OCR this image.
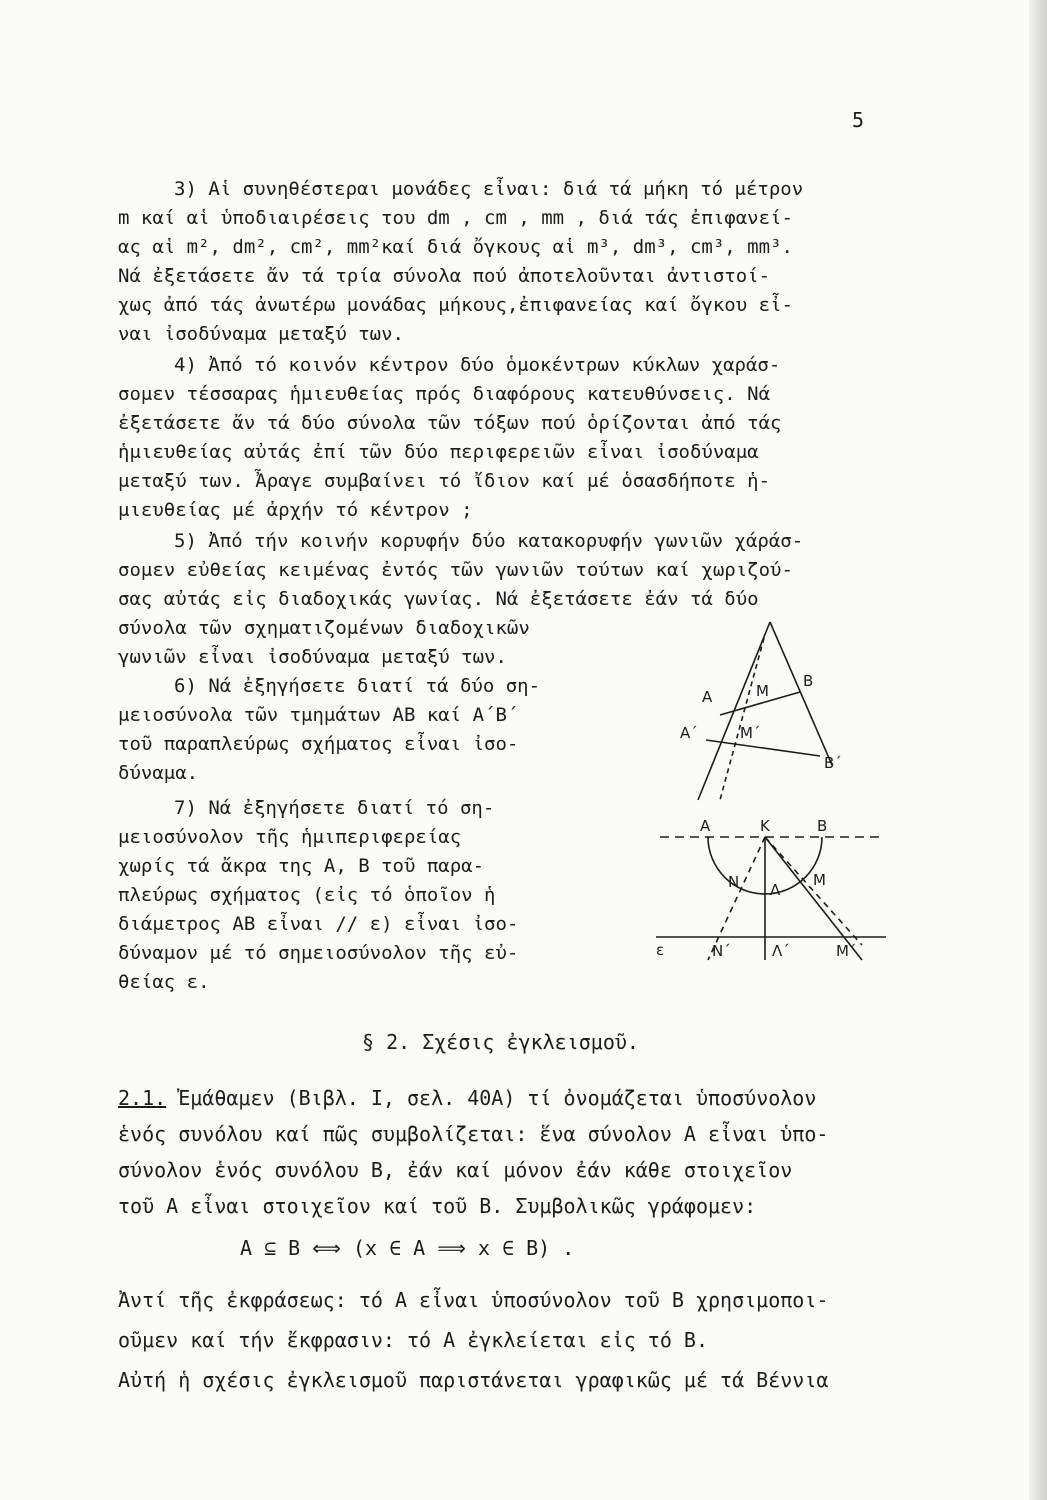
5
3) Αἱ συνηθέστεραι μονάδες εἶναι: διά τά μήκη τό μέτρον
m καί αἱ ὑποδιαιρέσεις του dm , cm , mm , διά τάς ἐπιφανεί-
ας αἱ m², dm², cm², mm²καί διά ὄγκους αἱ m³, dm³, cm³, mm³.
Νά ἐξετάσετε ἄν τά τρία σύνολα πού ἀποτελοῦνται ἀντιστοί-
χως ἀπό τάς ἀνωτέρω μονάδας μήκους,ἐπιφανείας καί ὄγκου εἶ-
ναι ἰσοδύναμα μεταξύ των.
4) Ἀπό τό κοινόν κέντρον δύο ὁμοκέντρων κύκλων χαράσ-
σομεν τέσσαρας ἡμιευθείας πρός διαφόρους κατευθύνσεις. Νά
ἐξετάσετε ἄν τά δύο σύνολα τῶν τόξων πού ὁρίζονται ἀπό τάς
ἡμιευθείας αὐτάς ἐπί τῶν δύο περιφερειῶν εἶναι ἰσοδύναμα
μεταξύ των. Ἆραγε συμβαίνει τό ἴδιον καί μέ ὁσασδήποτε ἡ-
μιευθείας μέ ἀρχήν τό κέντρον ;
5) Ἀπό τήν κοινήν κορυφήν δύο κατακορυφήν γωνιῶν χάράσ-
σομεν εὐθείας κειμένας ἐντός τῶν γωνιῶν τούτων καί χωριζού-
σας αὐτάς εἰς διαδοχικάς γωνίας. Νά ἐξετάσετε ἐάν τά δύο
σύνολα τῶν σχηματιζομένων διαδοχικῶν
γωνιῶν εἶναι ἰσοδύναμα μεταξύ των.
6) Νά ἐξηγήσετε διατί τά δύο ση-
μειοσύνολα τῶν τμημάτων ΑΒ καί Α΄Β΄
τοῦ παραπλεύρως σχήματος εἶναι ἰσο-
δύναμα.
7) Νά ἐξηγήσετε διατί τό ση-
μειοσύνολον τῆς ἡμιπεριφερείας
χωρίς τά ἄκρα της Α, Β τοῦ παρα-
πλεύρως σχήματος (εἰς τό ὁποῖον ἡ
διάμετρος ΑΒ εἶναι // ε) εἶναι ἰσο-
δύναμον μέ τό σημειοσύνολον τῆς εὐ-
θείας ε.
Α	Μ
Β
Α΄	Μ΄
Β΄
Α	Κ	Β
Ν Λ
Μ
ε	Ν΄	Λ΄	Μ΄
§ 2. Σχέσις ἐγκλεισμοῦ.
2.1. Ἐμάθαμεν (Βιβλ. Ι, σελ. 40Α) τί ὀνομάζεται ὑποσύνολον
ἑνός συνόλου καί πῶς συμβολίζεται: ἕνα σύνολον Α εἶναι ὑπο-
σύνολον ἑνός συνόλου Β, ἐάν καί μόνον ἐάν κάθε στοιχεῖον
τοῦ Α εἶναι στοιχεῖον καί τοῦ Β. Συμβολικῶς γράφομεν:
Α ⊆ Β ⟺ (x ∈ Α ⟹ x ∈ Β) .
Ἀντί τῆς ἐκφράσεως: τό Α εἶναι ὑποσύνολον τοῦ Β χρησιμοποι-
οῦμεν καί τήν ἔκφρασιν: τό Α ἐγκλείεται εἰς τό Β.
Αὐτή ἡ σχέσις ἐγκλεισμοῦ παριστάνεται γραφικῶς μέ τά Βέννια
